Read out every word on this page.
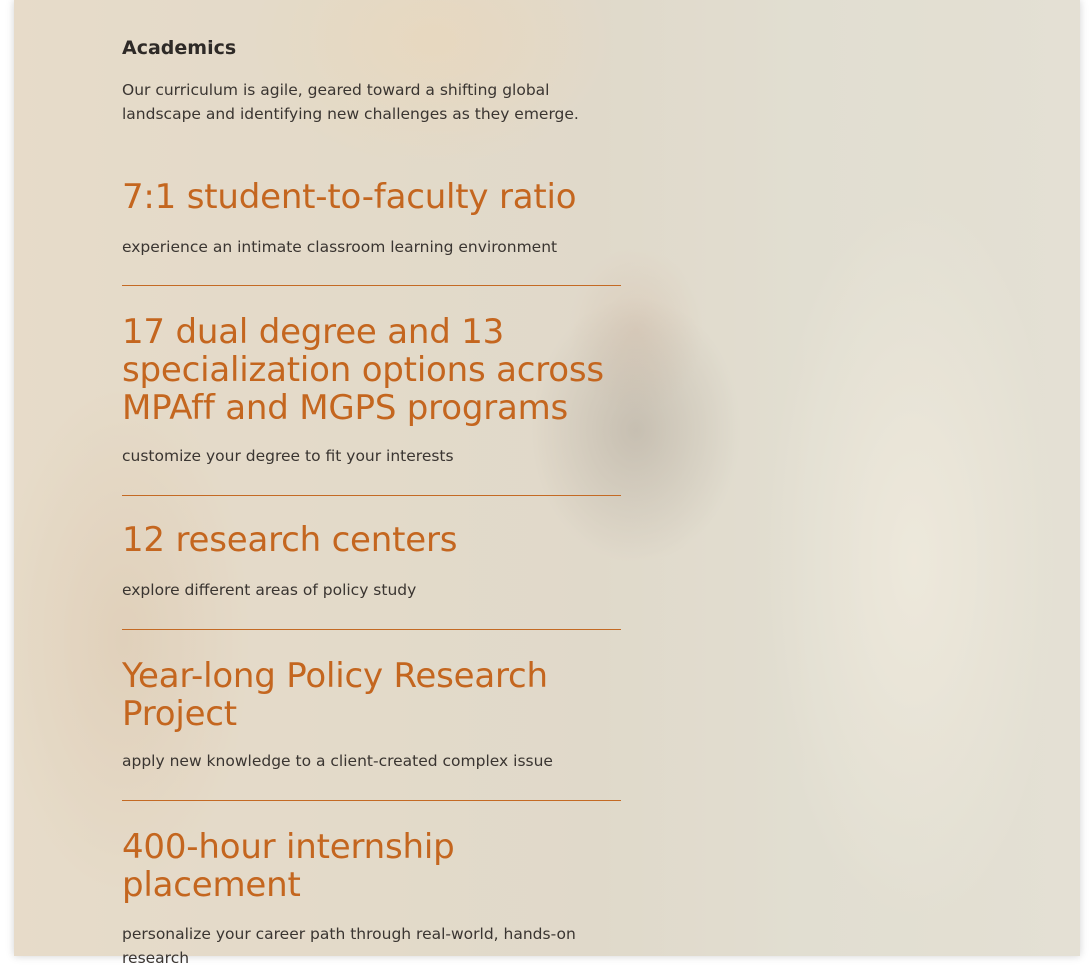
Academics

Our curriculum is agile, geared toward a shifting global landscape and identifying new challenges as they emerge.

7:1 student-to-faculty ratio

experience an intimate classroom learning environment

17 dual degree and 13 specialization options across MPAff and MGPS programs

customize your degree to fit your interests

12 research centers

explore different areas of policy study

Year-long Policy Research Project

apply new knowledge to a client-created complex issue

400-hour internship placement

personalize your career path through real-world, hands-on research
